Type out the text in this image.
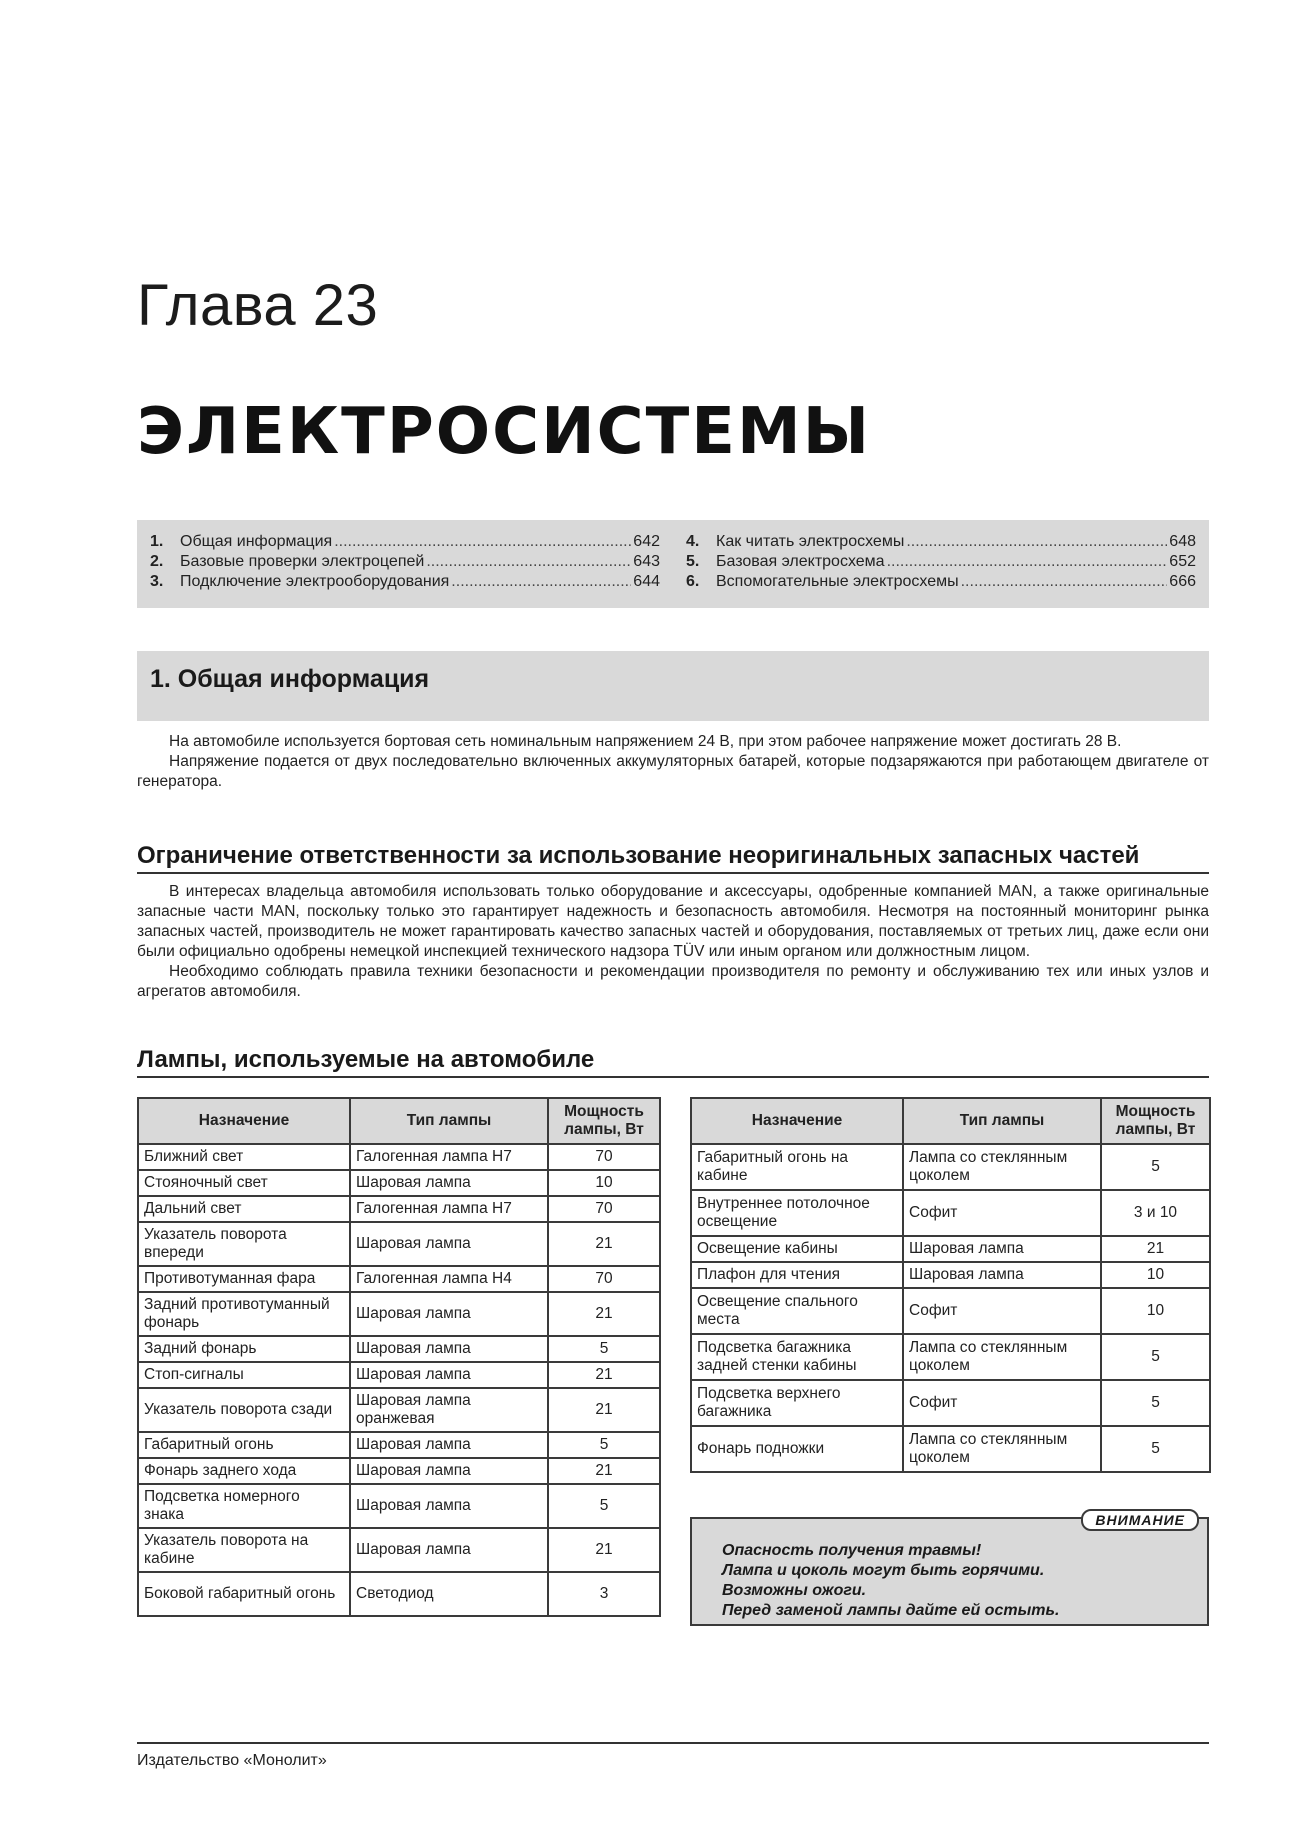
Глава 23
ЭЛЕКТРОСИСТЕМЫ
1.	Общая информация .....	642
2.	Базовые проверки электроцепей .....	643
3.	Подключение электрооборудования .....	644
4.	Как читать электросхемы .....	648
5.	Базовая электросхема .....	652
6.	Вспомогательные электросхемы .....	666
1. Общая информация

На автомобиле используется бортовая сеть номинальным напряжением 24 В, при этом рабочее напряжение может достигать 28 В.

Напряжение подается от двух последовательно включенных аккумуляторных батарей, которые подзаряжаются при работающем двигателе от генератора.

Ограничение ответственности за использование неоригинальных запасных частей

В интересах владельца автомобиля использовать только оборудование и аксессуары, одобренные компанией MAN, а также оригинальные запасные части MAN, поскольку только это гарантирует надежность и безопасность автомобиля. Несмотря на постоянный мониторинг рынка запасных частей, производитель не может гарантировать качество запасных частей и оборудования, поставляемых от третьих лиц, даже если они были официально одобрены немецкой инспекцией технического надзора TÜV или иным органом или должностным лицом.

Необходимо соблюдать правила техники безопасности и рекомендации производителя по ремонту и обслуживанию тех или иных узлов и агрегатов автомобиля.

Лампы, используемые на автомобиле
Назначение	Тип лампы	Мощность лампы, Вт
Ближний свет	Галогенная лампа Н7	70
Стояночный свет	Шаровая лампа	10
Дальний свет	Галогенная лампа Н7	70
Указатель поворота впереди	Шаровая лампа	21
Противотуманная фара	Галогенная лампа Н4	70
Задний противотуманный фонарь	Шаровая лампа	21
Задний фонарь	Шаровая лампа	5
Стоп-сигналы	Шаровая лампа	21
Указатель поворота сзади	Шаровая лампа оранжевая	21
Габаритный огонь	Шаровая лампа	5
Фонарь заднего хода	Шаровая лампа	21
Подсветка номерного знака	Шаровая лампа	5
Указатель поворота на кабине	Шаровая лампа	21
Боковой габаритный огонь	Светодиод	3
Назначение	Тип лампы	Мощность лампы, Вт
Габаритный огонь на кабине	Лампа со стеклянным цоколем	5
Внутреннее потолочное освещение	Софит	3 и 10
Освещение кабины	Шаровая лампа	21
Плафон для чтения	Шаровая лампа	10
Освещение спального места	Софит	10
Подсветка багажника задней стенки кабины	Лампа со стеклянным цоколем	5
Подсветка верхнего багажника	Софит	5
Фонарь подножки	Лампа со стеклянным цоколем	5
ВНИМАНИЕ
Опасность получения травмы!
Лампа и цоколь могут быть горячими.
Возможны ожоги.
Перед заменой лампы дайте ей остыть.
Издательство «Монолит»
